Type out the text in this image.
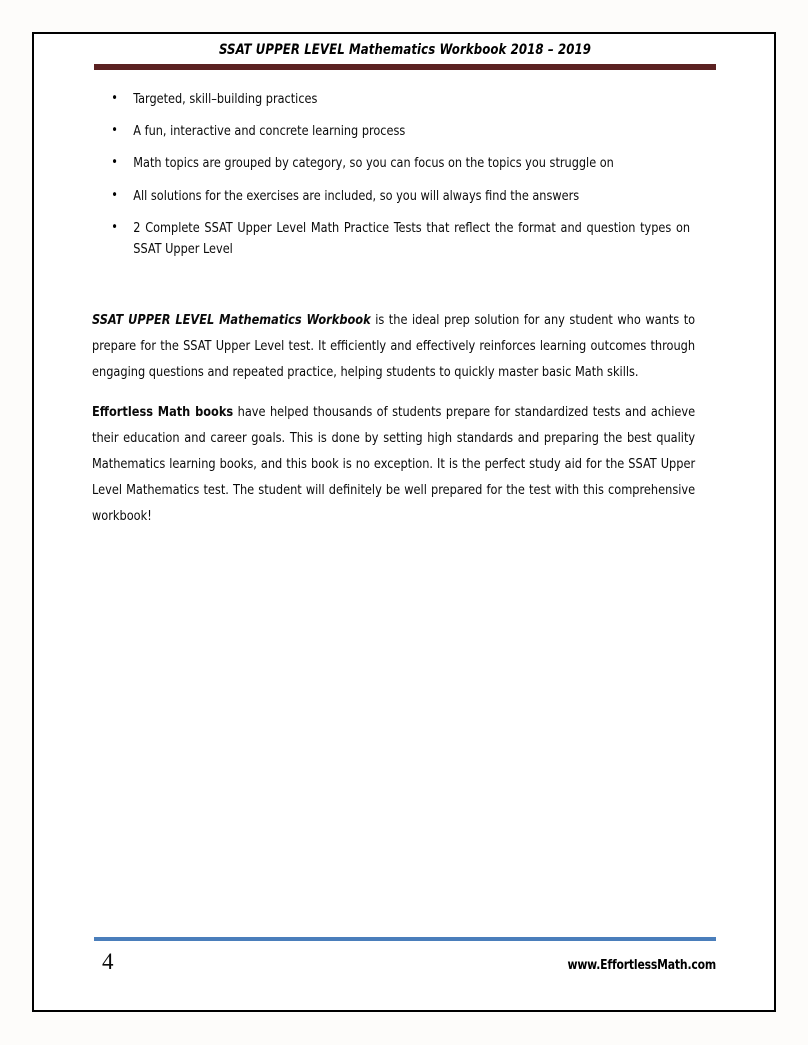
SSAT UPPER LEVEL Mathematics Workbook 2018 – 2019
• Targeted, skill–building practices
• A fun, interactive and concrete learning process
• Math topics are grouped by category, so you can focus on the topics you struggle on
• All solutions for the exercises are included, so you will always find the answers
• 2 Complete SSAT Upper Level Math Practice Tests that reflect the format and question types on SSAT Upper Level

SSAT UPPER LEVEL Mathematics Workbook is the ideal prep solution for any student who wants to prepare for the SSAT Upper Level test. It efficiently and effectively reinforces learning outcomes through engaging questions and repeated practice, helping students to quickly master basic Math skills.

Effortless Math books have helped thousands of students prepare for standardized tests and achieve their education and career goals. This is done by setting high standards and preparing the best quality Mathematics learning books, and this book is no exception. It is the perfect study aid for the SSAT Upper Level Mathematics test. The student will definitely be well prepared for the test with this comprehensive workbook!

4	www.EffortlessMath.com
